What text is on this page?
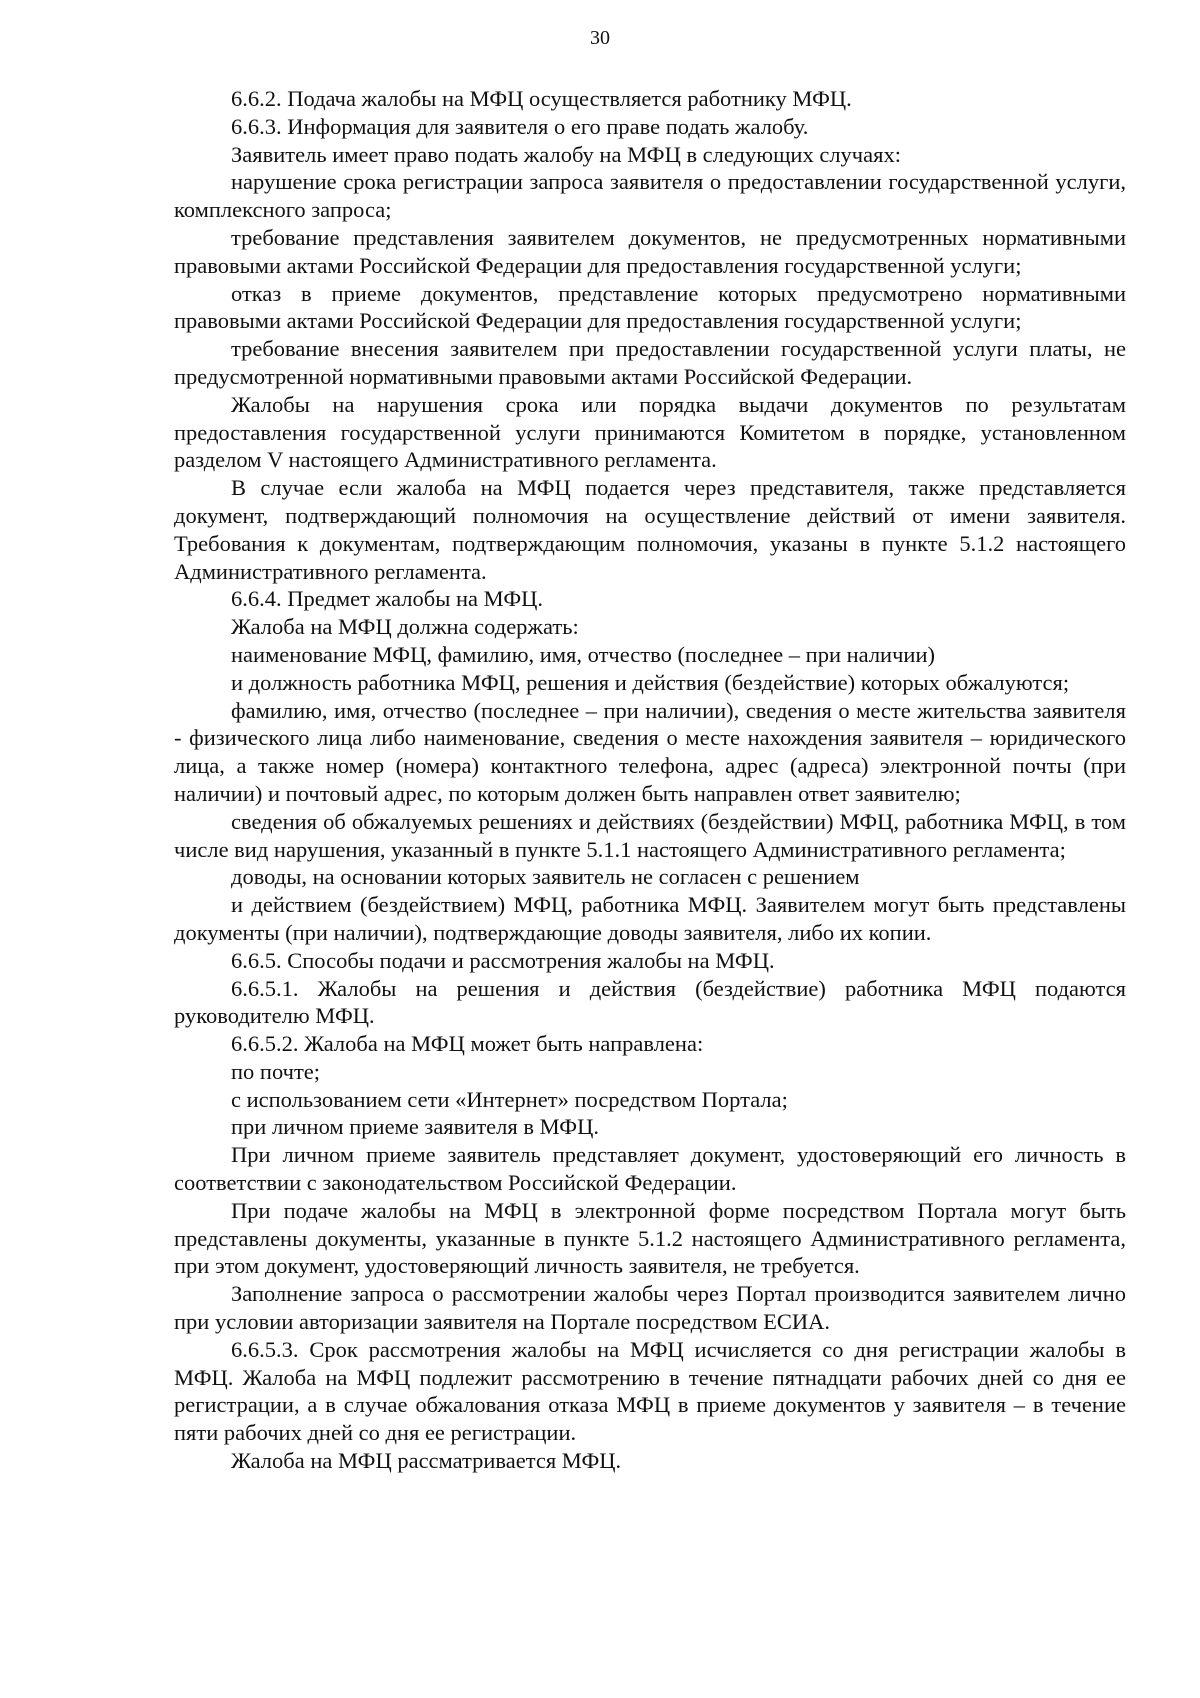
30

6.6.2. Подача жалобы на МФЦ осуществляется работнику МФЦ.

6.6.3. Информация для заявителя о его праве подать жалобу.

Заявитель имеет право подать жалобу на МФЦ в следующих случаях:

нарушение срока регистрации запроса заявителя о предоставлении государственной услуги, комплексного запроса;

требование представления заявителем документов, не предусмотренных нормативными правовыми актами Российской Федерации для предоставления государственной услуги;

отказ в приеме документов, представление которых предусмотрено нормативными правовыми актами Российской Федерации для предоставления государственной услуги;

требование внесения заявителем при предоставлении государственной услуги платы, не предусмотренной нормативными правовыми актами Российской Федерации.

Жалобы на нарушения срока или порядка выдачи документов по результатам предоставления государственной услуги принимаются Комитетом в порядке, установленном разделом V настоящего Административного регламента.

В случае если жалоба на МФЦ подается через представителя, также представляется документ, подтверждающий полномочия на осуществление действий от имени заявителя. Требования к документам, подтверждающим полномочия, указаны в пункте 5.1.2 настоящего Административного регламента.

6.6.4. Предмет жалобы на МФЦ.

Жалоба на МФЦ должна содержать:

наименование МФЦ, фамилию, имя, отчество (последнее – при наличии)

и должность работника МФЦ, решения и действия (бездействие) которых обжалуются;

фамилию, имя, отчество (последнее – при наличии), сведения о месте жительства заявителя - физического лица либо наименование, сведения о месте нахождения заявителя – юридического лица, а также номер (номера) контактного телефона, адрес (адреса) электронной почты (при наличии) и почтовый адрес, по которым должен быть направлен ответ заявителю;

сведения об обжалуемых решениях и действиях (бездействии) МФЦ, работника МФЦ, в том числе вид нарушения, указанный в пункте 5.1.1 настоящего Административного регламента;

доводы, на основании которых заявитель не согласен с решением

и действием (бездействием) МФЦ, работника МФЦ. Заявителем могут быть представлены документы (при наличии), подтверждающие доводы заявителя, либо их копии.

6.6.5. Способы подачи и рассмотрения жалобы на МФЦ.

6.6.5.1. Жалобы на решения и действия (бездействие) работника МФЦ подаются руководителю МФЦ.

6.6.5.2. Жалоба на МФЦ может быть направлена:

по почте;

с использованием сети «Интернет» посредством Портала;

при личном приеме заявителя в МФЦ.

При личном приеме заявитель представляет документ, удостоверяющий его личность в соответствии с законодательством Российской Федерации.

При подаче жалобы на МФЦ в электронной форме посредством Портала могут быть представлены документы, указанные в пункте 5.1.2 настоящего Административного регламента, при этом документ, удостоверяющий личность заявителя, не требуется.

Заполнение запроса о рассмотрении жалобы через Портал производится заявителем лично при условии авторизации заявителя на Портале посредством ЕСИА.

6.6.5.3. Срок рассмотрения жалобы на МФЦ исчисляется со дня регистрации жалобы в МФЦ. Жалоба на МФЦ подлежит рассмотрению в течение пятнадцати рабочих дней со дня ее регистрации, а в случае обжалования отказа МФЦ в приеме документов у заявителя – в течение пяти рабочих дней со дня ее регистрации.

Жалоба на МФЦ рассматривается МФЦ.
